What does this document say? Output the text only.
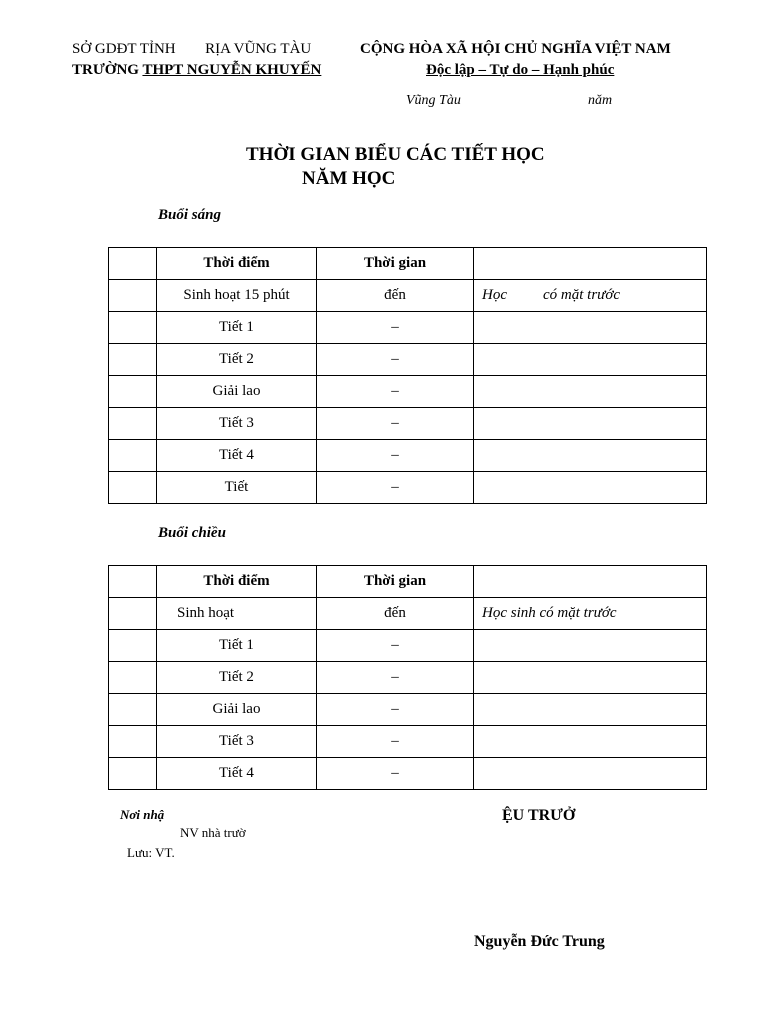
SỞ GDĐT TỈNH RỊA VŨNG TÀU
TRƯỜNG THPT NGUYỄN KHUYẾN
CỘNG HÒA XÃ HỘI CHỦ NGHĨA VIỆT NAM
Độc lập – Tự do – Hạnh phúc
Vũng Tàu	năm
THỜI GIAN BIỂU CÁC TIẾT HỌC
NĂM HỌC
Buổi sáng
	Thời điểm	Thời gian	
	Sinh hoạt 15 phút	đến	Học có mặt trước
	Tiết 1	–	
	Tiết 2	–	
	Giải lao	–	
	Tiết 3	–	
	Tiết 4	–	
	Tiết	–	
Buổi chiều
	Thời điểm	Thời gian	
	Sinh hoạt	đến	Học sinh có mặt trước
	Tiết 1	–	
	Tiết 2	–	
	Giải lao	–	
	Tiết 3	–	
	Tiết 4	–	
Nơi nhậ
NV nhà trườ
Lưu: VT.
ỆU TRƯỞ
Nguyễn Đức Trung
